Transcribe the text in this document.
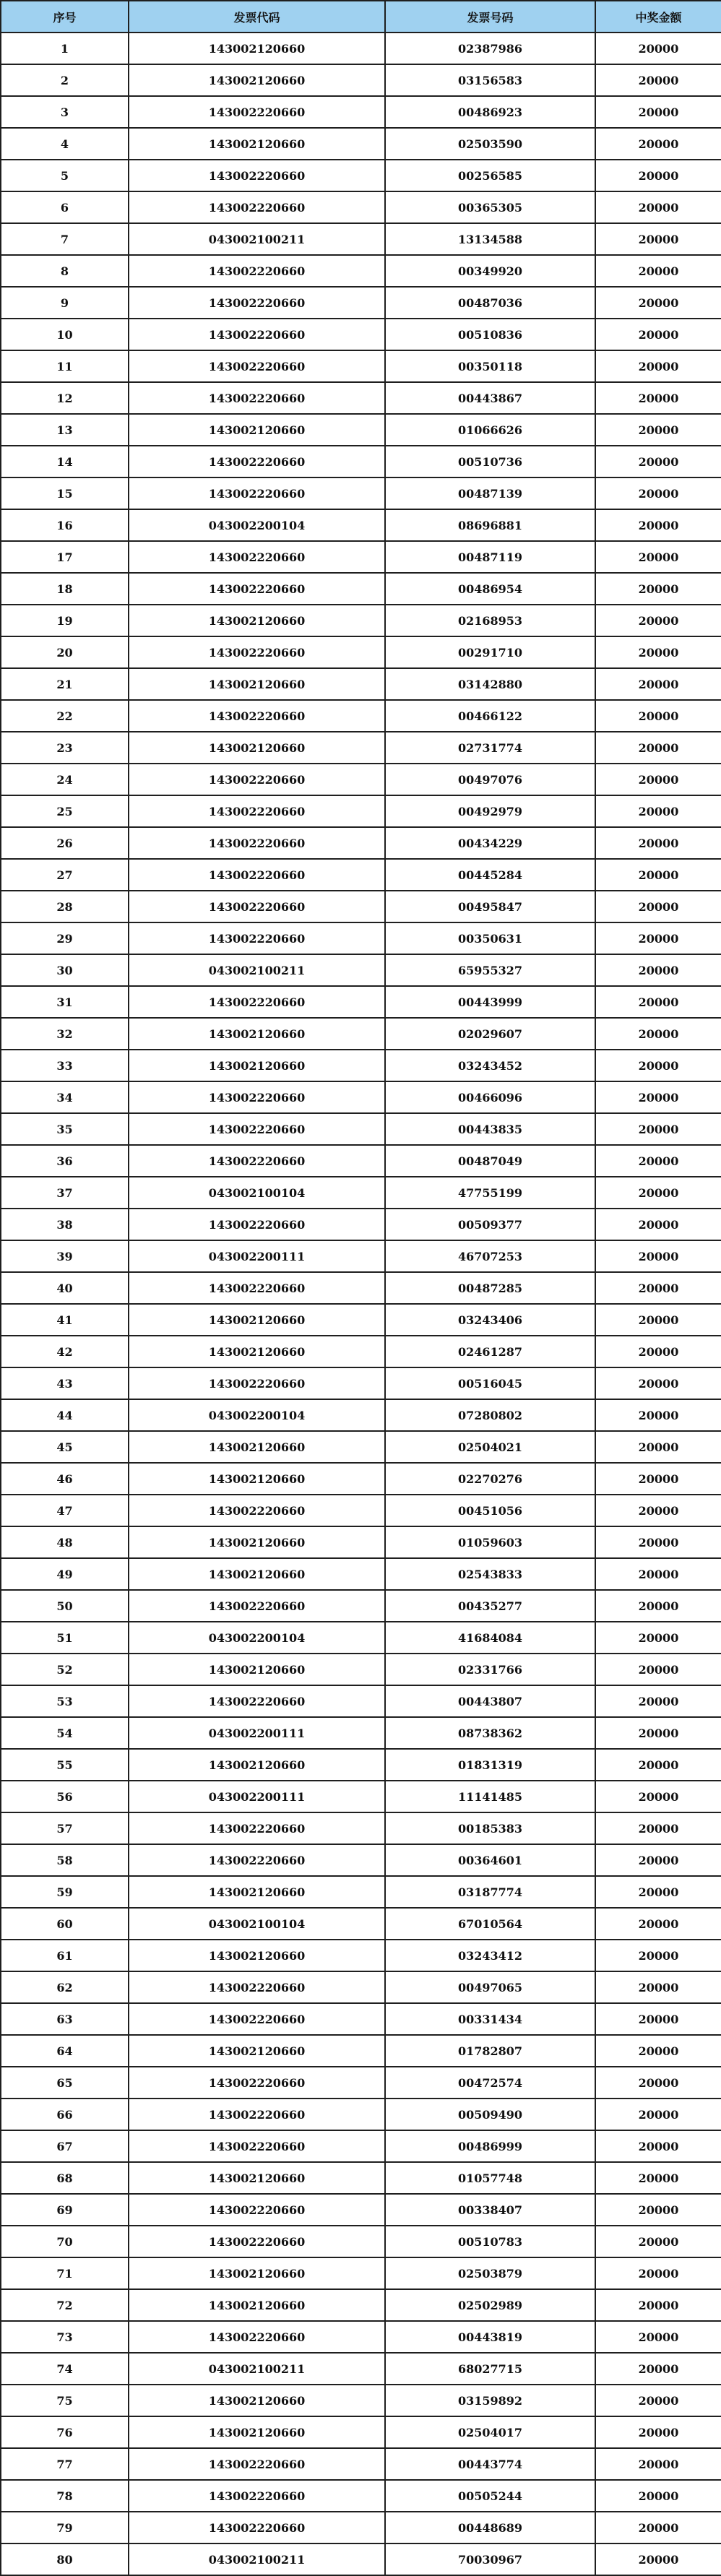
序号	发票代码	发票号码	中奖金额
1	143002120660	02387986	20000
2	143002120660	03156583	20000
3	143002220660	00486923	20000
4	143002120660	02503590	20000
5	143002220660	00256585	20000
6	143002220660	00365305	20000
7	043002100211	13134588	20000
8	143002220660	00349920	20000
9	143002220660	00487036	20000
10	143002220660	00510836	20000
11	143002220660	00350118	20000
12	143002220660	00443867	20000
13	143002120660	01066626	20000
14	143002220660	00510736	20000
15	143002220660	00487139	20000
16	043002200104	08696881	20000
17	143002220660	00487119	20000
18	143002220660	00486954	20000
19	143002120660	02168953	20000
20	143002220660	00291710	20000
21	143002120660	03142880	20000
22	143002220660	00466122	20000
23	143002120660	02731774	20000
24	143002220660	00497076	20000
25	143002220660	00492979	20000
26	143002220660	00434229	20000
27	143002220660	00445284	20000
28	143002220660	00495847	20000
29	143002220660	00350631	20000
30	043002100211	65955327	20000
31	143002220660	00443999	20000
32	143002120660	02029607	20000
33	143002120660	03243452	20000
34	143002220660	00466096	20000
35	143002220660	00443835	20000
36	143002220660	00487049	20000
37	043002100104	47755199	20000
38	143002220660	00509377	20000
39	043002200111	46707253	20000
40	143002220660	00487285	20000
41	143002120660	03243406	20000
42	143002120660	02461287	20000
43	143002220660	00516045	20000
44	043002200104	07280802	20000
45	143002120660	02504021	20000
46	143002120660	02270276	20000
47	143002220660	00451056	20000
48	143002120660	01059603	20000
49	143002120660	02543833	20000
50	143002220660	00435277	20000
51	043002200104	41684084	20000
52	143002120660	02331766	20000
53	143002220660	00443807	20000
54	043002200111	08738362	20000
55	143002120660	01831319	20000
56	043002200111	11141485	20000
57	143002220660	00185383	20000
58	143002220660	00364601	20000
59	143002120660	03187774	20000
60	043002100104	67010564	20000
61	143002120660	03243412	20000
62	143002220660	00497065	20000
63	143002220660	00331434	20000
64	143002120660	01782807	20000
65	143002220660	00472574	20000
66	143002220660	00509490	20000
67	143002220660	00486999	20000
68	143002120660	01057748	20000
69	143002220660	00338407	20000
70	143002220660	00510783	20000
71	143002120660	02503879	20000
72	143002120660	02502989	20000
73	143002220660	00443819	20000
74	043002100211	68027715	20000
75	143002120660	03159892	20000
76	143002120660	02504017	20000
77	143002220660	00443774	20000
78	143002220660	00505244	20000
79	143002220660	00448689	20000
80	043002100211	70030967	20000
